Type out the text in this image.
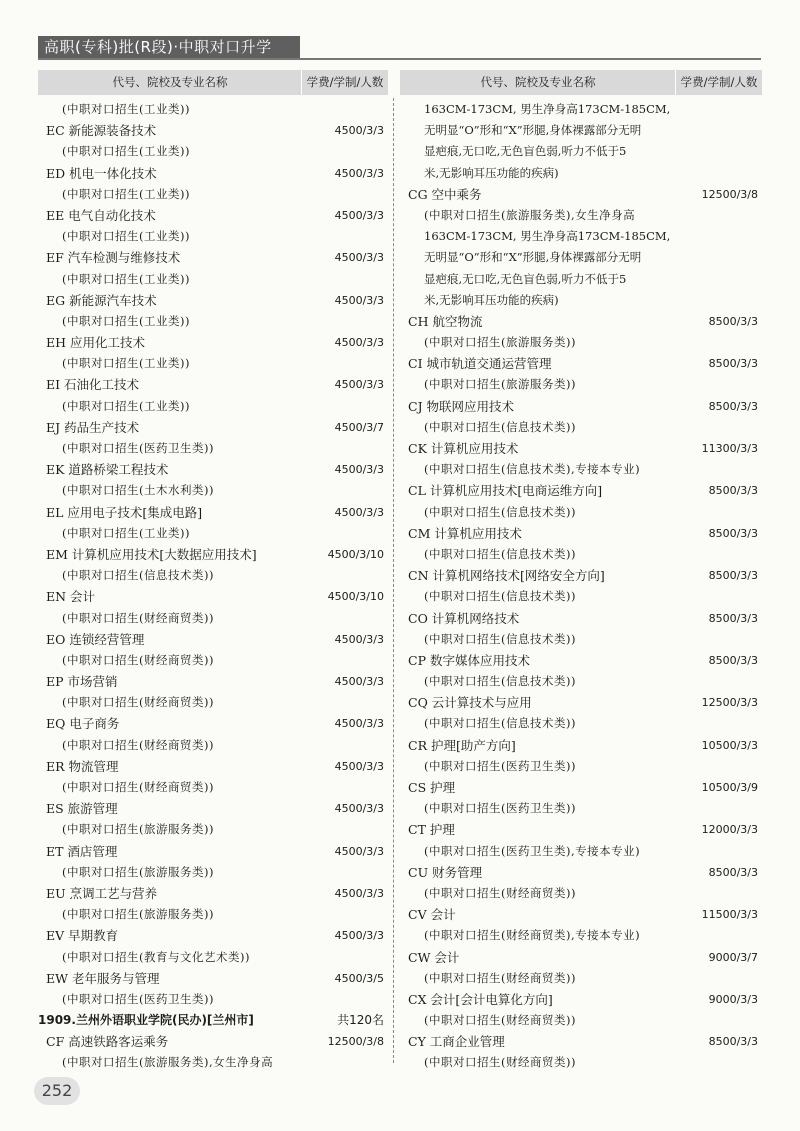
高职(专科)批(R段)·中职对口升学
代号、院校及专业名称	学费/学制/人数	代号、院校及专业名称	学费/学制/人数
(中职对口招生(工业类))
EC 新能源装备技术	4500/3/3
(中职对口招生(工业类))
ED 机电一体化技术	4500/3/3
(中职对口招生(工业类))
EE 电气自动化技术	4500/3/3
(中职对口招生(工业类))
EF 汽车检测与维修技术	4500/3/3
(中职对口招生(工业类))
EG 新能源汽车技术	4500/3/3
(中职对口招生(工业类))
EH 应用化工技术	4500/3/3
(中职对口招生(工业类))
EI 石油化工技术	4500/3/3
(中职对口招生(工业类))
EJ 药品生产技术	4500/3/7
(中职对口招生(医药卫生类))
EK 道路桥梁工程技术	4500/3/3
(中职对口招生(土木水利类))
EL 应用电子技术[集成电路]	4500/3/3
(中职对口招生(工业类))
EM 计算机应用技术[大数据应用技术]	4500/3/10
(中职对口招生(信息技术类))
EN 会计	4500/3/10
(中职对口招生(财经商贸类))
EO 连锁经营管理	4500/3/3
(中职对口招生(财经商贸类))
EP 市场营销	4500/3/3
(中职对口招生(财经商贸类))
EQ 电子商务	4500/3/3
(中职对口招生(财经商贸类))
ER 物流管理	4500/3/3
(中职对口招生(财经商贸类))
ES 旅游管理	4500/3/3
(中职对口招生(旅游服务类))
ET 酒店管理	4500/3/3
(中职对口招生(旅游服务类))
EU 烹调工艺与营养	4500/3/3
(中职对口招生(旅游服务类))
EV 早期教育	4500/3/3
(中职对口招生(教育与文化艺术类))
EW 老年服务与管理	4500/3/5
(中职对口招生(医药卫生类))
1909.兰州外语职业学院(民办)[兰州市]	共120名
CF 高速铁路客运乘务	12500/3/8
(中职对口招生(旅游服务类),女生净身高
163CM-173CM, 男生净身高173CM-185CM,
无明显“O”形和“X”形腿,身体裸露部分无明
显疤痕,无口吃,无色盲色弱,听力不低于5
米,无影响耳压功能的疾病)
CG 空中乘务	12500/3/8
(中职对口招生(旅游服务类),女生净身高
163CM-173CM, 男生净身高173CM-185CM,
无明显“O”形和“X”形腿,身体裸露部分无明
显疤痕,无口吃,无色盲色弱,听力不低于5
米,无影响耳压功能的疾病)
CH 航空物流	8500/3/3
(中职对口招生(旅游服务类))
CI 城市轨道交通运营管理	8500/3/3
(中职对口招生(旅游服务类))
CJ 物联网应用技术	8500/3/3
(中职对口招生(信息技术类))
CK 计算机应用技术	11300/3/3
(中职对口招生(信息技术类),专接本专业)
CL 计算机应用技术[电商运维方向]	8500/3/3
(中职对口招生(信息技术类))
CM 计算机应用技术	8500/3/3
(中职对口招生(信息技术类))
CN 计算机网络技术[网络安全方向]	8500/3/3
(中职对口招生(信息技术类))
CO 计算机网络技术	8500/3/3
(中职对口招生(信息技术类))
CP 数字媒体应用技术	8500/3/3
(中职对口招生(信息技术类))
CQ 云计算技术与应用	12500/3/3
(中职对口招生(信息技术类))
CR 护理[助产方向]	10500/3/3
(中职对口招生(医药卫生类))
CS 护理	10500/3/9
(中职对口招生(医药卫生类))
CT 护理	12000/3/3
(中职对口招生(医药卫生类),专接本专业)
CU 财务管理	8500/3/3
(中职对口招生(财经商贸类))
CV 会计	11500/3/3
(中职对口招生(财经商贸类),专接本专业)
CW 会计	9000/3/7
(中职对口招生(财经商贸类))
CX 会计[会计电算化方向]	9000/3/3
(中职对口招生(财经商贸类))
CY 工商企业管理	8500/3/3
(中职对口招生(财经商贸类))
252
